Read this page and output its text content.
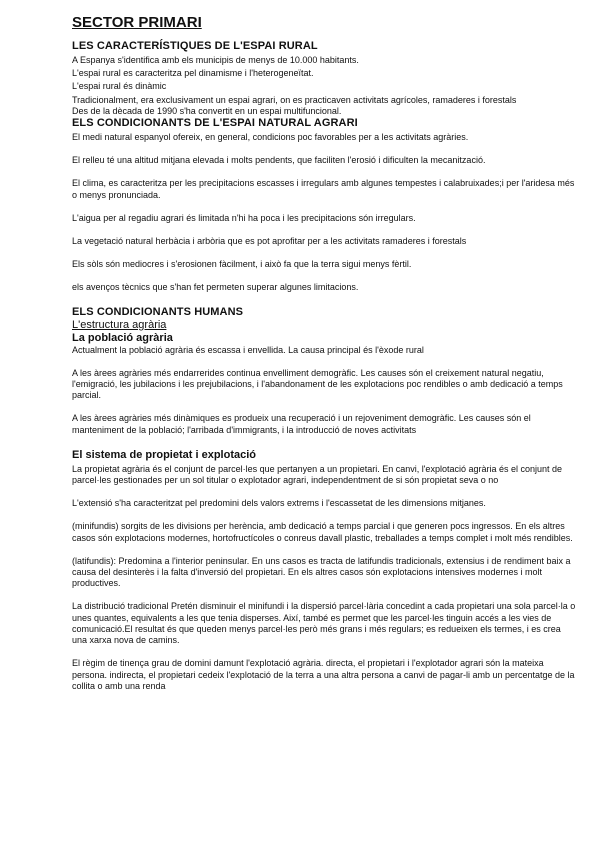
SECTOR PRIMARI
LES CARACTERÍSTIQUES DE L'ESPAI RURAL
A Espanya s'identifica amb els municipis de menys de 10.000 habitants.
L'espai rural es caracteritza pel dinamisme i l'heterogeneïtat.
L'espai rural és dinàmic
Tradicionalment, era exclusivament un espai agrari, on es practicaven activitats agrícoles, ramaderes i forestals
Des de la dècada de 1990 s'ha convertit en un espai multifuncional.
ELS CONDICIONANTS DE L'ESPAI NATURAL AGRARI
El medi natural espanyol ofereix, en general, condicions poc favorables per a les activitats agràries.
El relleu té una altitud mitjana elevada i molts pendents, que faciliten l'erosió i dificulten la mecanització.
El clima, es caracteritza per les precipitacions escasses i irregulars amb algunes tempestes i calabruixades;i per l'aridesa més o menys pronunciada.
L'aigua per al regadiu agrari és limitada n'hi ha poca i les precipitacions són irregulars.
La vegetació natural herbàcia i arbòria que es pot aprofitar per a les activitats ramaderes i forestals
Els sòls són mediocres i s'erosionen fàcilment, i això fa que la terra sigui menys fèrtil.
els avenços tècnics que s'han fet permeten superar algunes limitacions.
ELS CONDICIONANTS HUMANS
L'estructura agrària
La població agrària
Actualment la població agrària és escassa i envellida. La causa principal és l'èxode rural
A les àrees agràries més endarrerides continua envelliment demogràfic. Les causes són el creixement natural negatiu, l'emigració, les jubilacions i les prejubilacions, i l'abandonament de les explotacions poc rendibles o amb dedicació a temps parcial.
A les àrees agràries més dinàmiques es produeix una recuperació i un rejoveniment demogràfic. Les causes són el manteniment de la població; l'arribada d'immigrants, i la introducció de noves activitats
El sistema de propietat i explotació
La propietat agrària és el conjunt de parcel·les que pertanyen a un propietari. En canvi, l'explotació agrària és el conjunt de parcel·les gestionades per un sol titular o explotador agrari, independentment de si són propietat seva o no
L'extensió s'ha caracteritzat pel predomini dels valors extrems i l'escassetat de les dimensions mitjanes.
(minifundis) sorgits de les divisions per herència, amb dedicació a temps parcial i que generen pocs ingressos. En els altres casos són explotacions modernes, hortofructícoles o conreus davall plastic, treballades a temps complet i molt més rendibles.
(latifundis): Predomina a l'interior peninsular. En uns casos es tracta de latifundis tradicionals, extensius i de rendiment baix a causa del desinterès i la falta d'inversió del propietari. En els altres casos són explotacions intensives modernes i molt productives.
La distribució tradicional Pretén disminuir el minifundi i la dispersió parcel·lària concedint a cada propietari una sola parcel·la o unes quantes, equivalents a les que tenia disperses. Així, també es permet que les parcel·les tinguin accés a les vies de comunicació.El resultat és que queden menys parcel·les però més grans i més regulars; es redueixen els termes, i es crea una xarxa nova de camins.
El règim de tinença grau de domini damunt l'explotació agrària. directa, el propietari i l'explotador agrari són la mateixa persona. indirecta, el propietari cedeix l'explotació de la terra a una altra persona a canvi de pagar-li amb un percentatge de la collita o amb una renda
